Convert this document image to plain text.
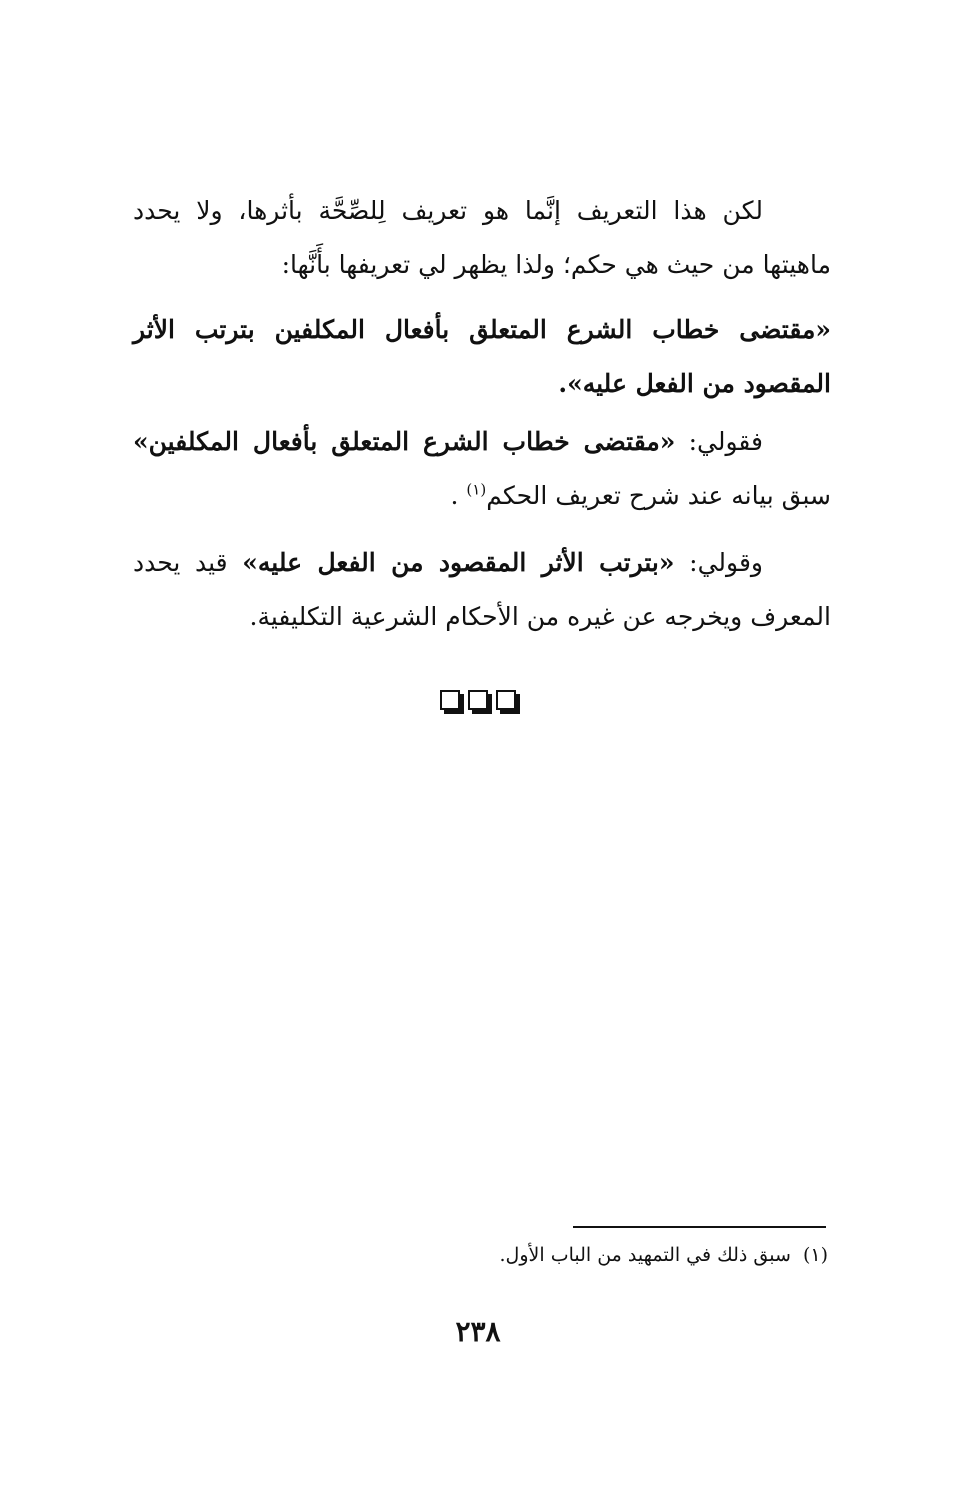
لكن هذا التعريف إنَّما هو تعريف لِلصِّحَّة بأثرها، ولا يحدد ماهيتها من حيث هي حكم؛ ولذا يظهر لي تعريفها بأَنَّها:

«مقتضى خطاب الشرع المتعلق بأفعال المكلفين بترتب الأثر المقصود من الفعل عليه».

فقولي: «مقتضى خطاب الشرع المتعلق بأفعال المكلفين» سبق بيانه عند شرح تعريف الحكم$^{(١)}$ .

وقولي: «بترتب الأثر المقصود من الفعل عليه» قيد يحدد المعرف ويخرجه عن غيره من الأحكام الشرعية التكليفية.

(١)سبق ذلك في التمهيد من الباب الأول.
٢٣٨
